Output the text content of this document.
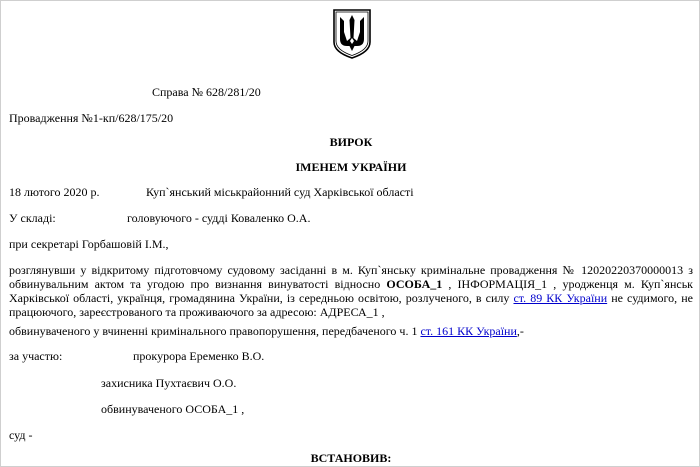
Справа № 628/281/20
Провадження №1-кп/628/175/20
ВИРОК
ІМЕНЕМ УКРАЇНИ
18 лютого 2020 р.	Куп`янський міськрайонний суд Харківської області
У складі:	головуючого - судді Коваленко О.А.
при секретарі Горбашовій І.М.,
розглянувши у відкритому підготовчому судовому засіданні в м. Куп`янську кримінальне провадження № 12020220370000013 з обвинувальним актом та угодою про визнання винуватості відносно ОСОБА_1 , ІНФОРМАЦІЯ_1 , уродженця м. Куп`янськ Харківської області, українця, громадянина України, із середньою освітою, розлученого, в силу ст. 89 КК України не судимого, не працюючого, зареєстрованого та проживаючого за адресою: АДРЕСА_1 ,
обвинуваченого у вчиненні кримінального правопорушення, передбаченого ч. 1 ст. 161 КК України,-
за участю:	прокурора Еременко В.О.
захисника Пухтаєвич О.О.
обвинуваченого ОСОБА_1 ,
суд -
ВСТАНОВИВ:
